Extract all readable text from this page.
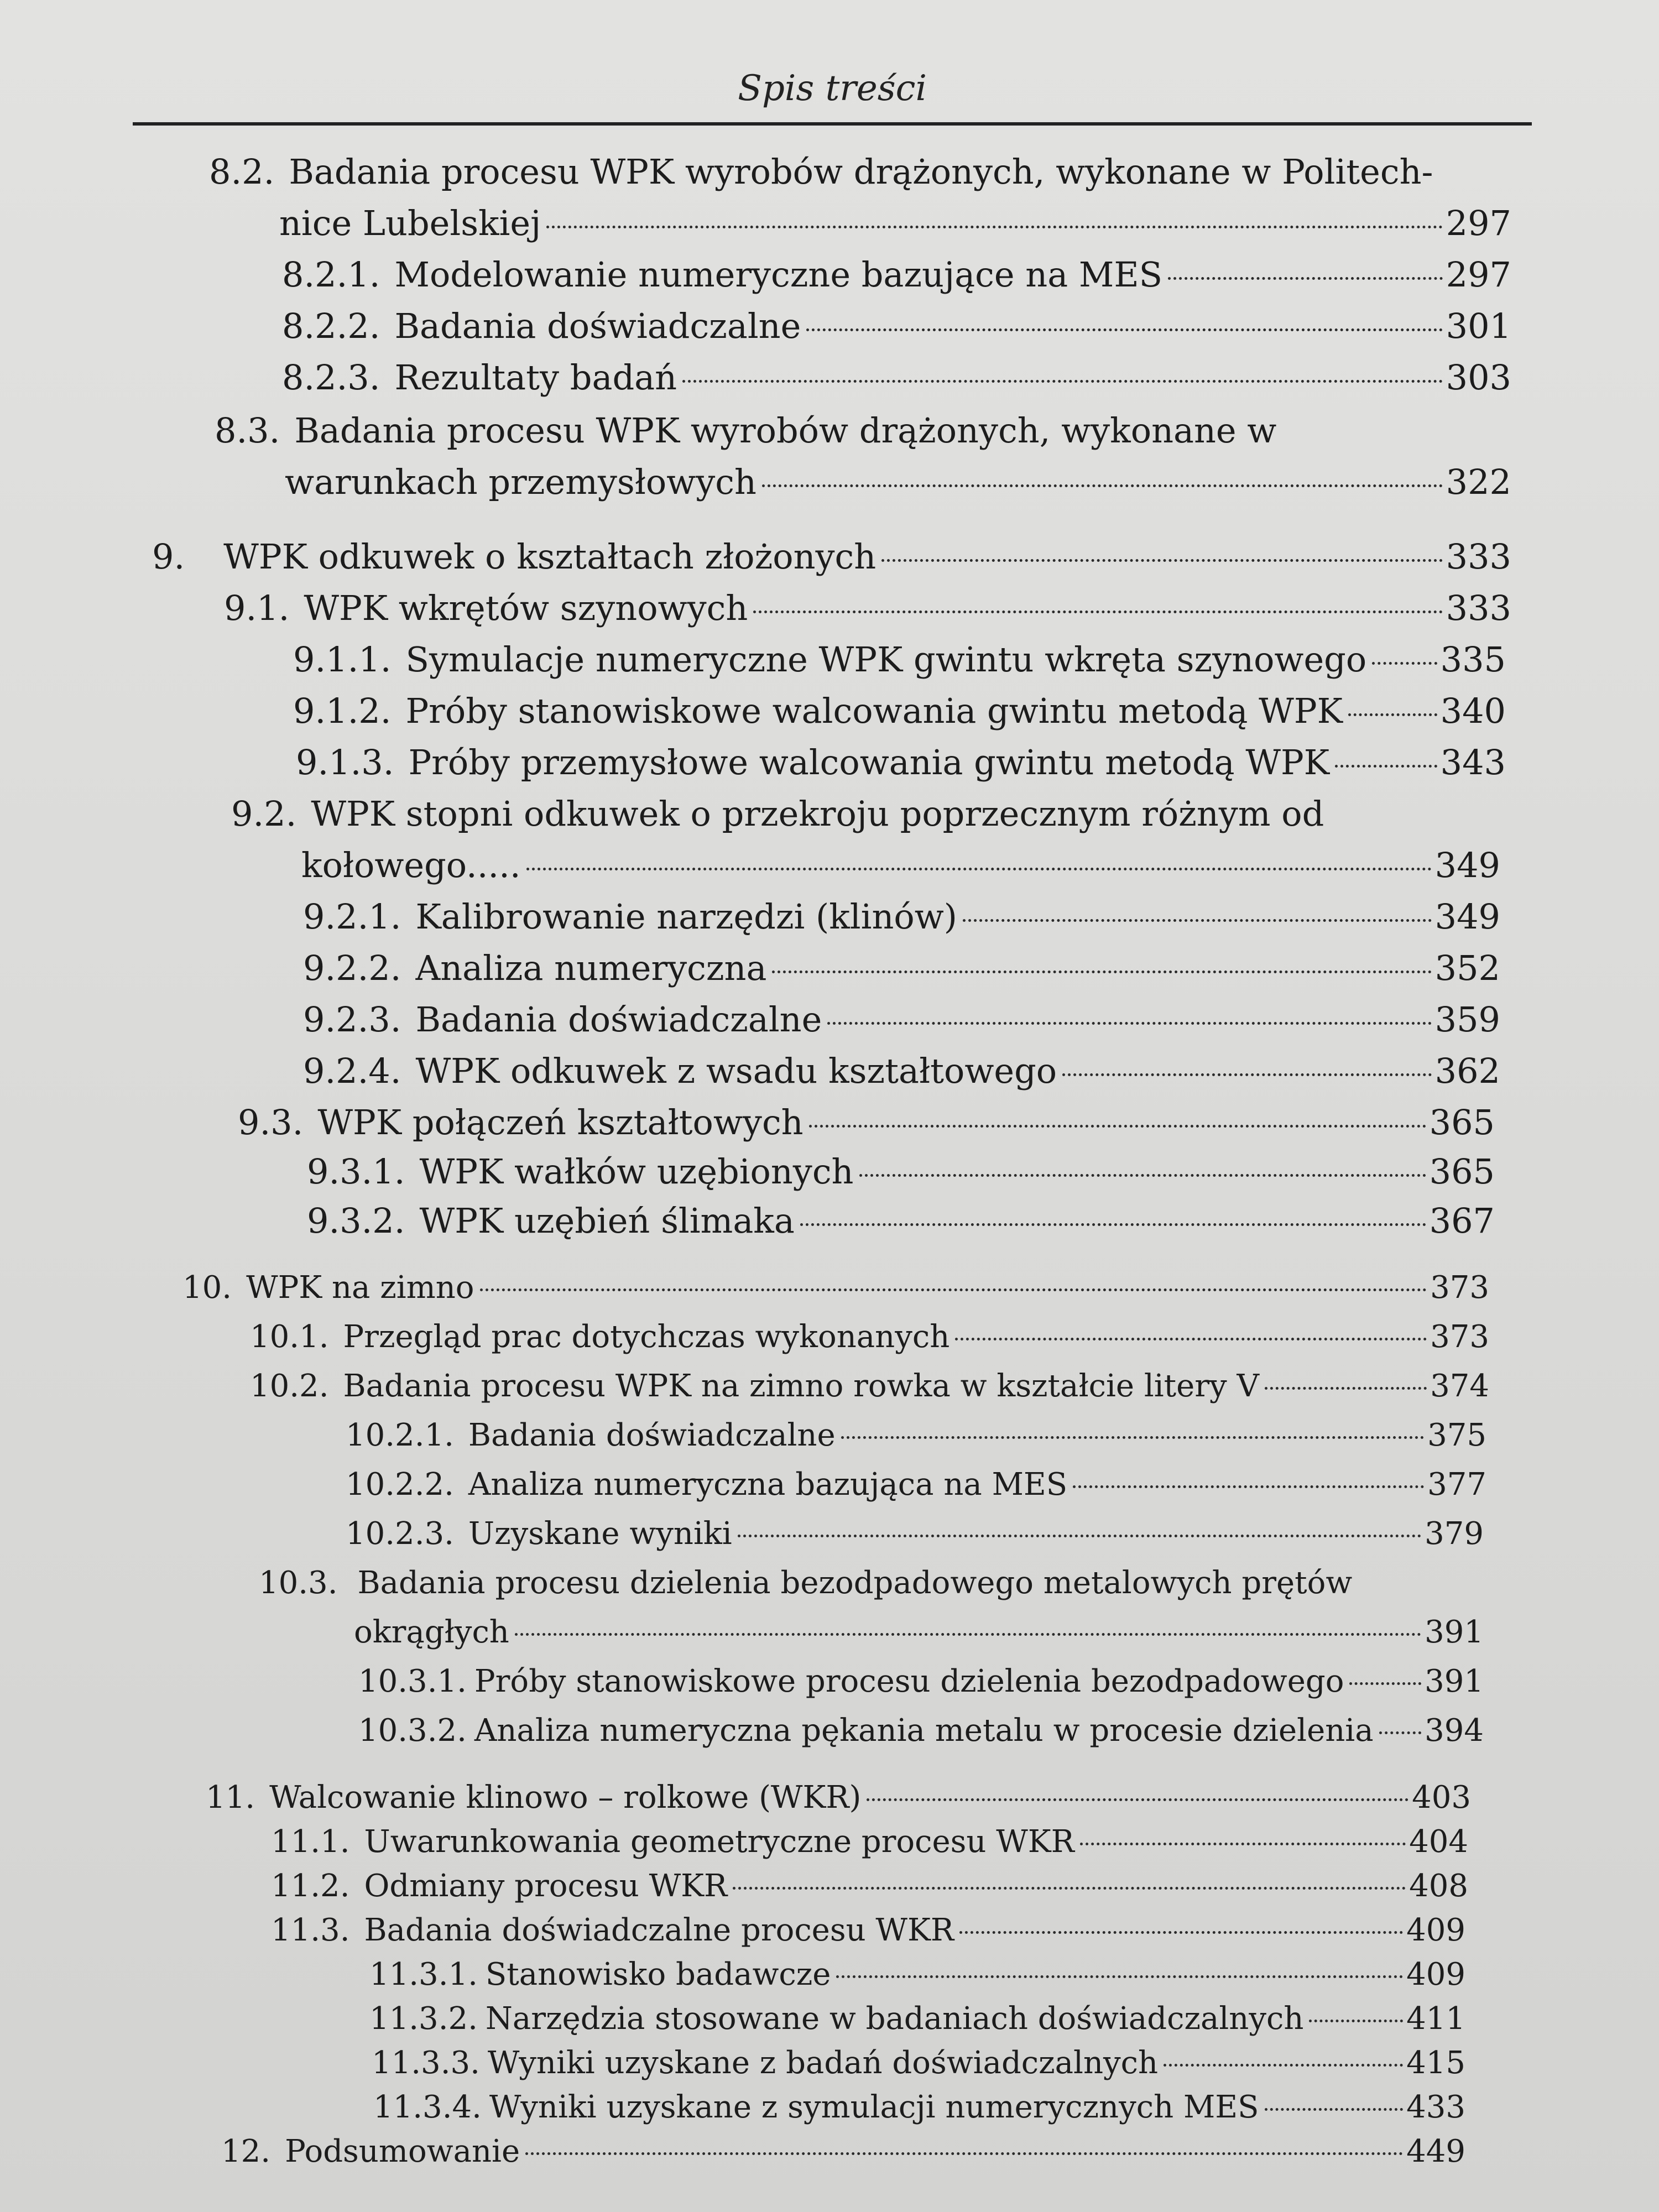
Spis treści
8.2. Badania procesu WPK wyrobów drążonych, wykonane w Politech-
nice Lubelskiej	297
8.2.1. Modelowanie numeryczne bazujące na MES	297
8.2.2. Badania doświadczalne	301
8.2.3. Rezultaty badań	303
8.3. Badania procesu WPK wyrobów drążonych, wykonane w
warunkach przemysłowych	322
9. WPK odkuwek o kształtach złożonych	333
9.1. WPK wkrętów szynowych	333
9.1.1. Symulacje numeryczne WPK gwintu wkręta szynowego 335
9.1.2. Próby stanowiskowe walcowania gwintu metodą WPK	340
9.1.3. Próby przemysłowe walcowania gwintu metodą WPK	343
9.2. WPK stopni odkuwek o przekroju poprzecznym różnym od
kołowego.....	349
9.2.1. Kalibrowanie narzędzi (klinów)	349
9.2.2. Analiza numeryczna	352
9.2.3. Badania doświadczalne	359
9.2.4. WPK odkuwek z wsadu kształtowego	362
9.3. WPK połączeń kształtowych	365
9.3.1. WPK wałków uzębionych	365
9.3.2. WPK uzębień ślimaka	367
10. WPK na zimno	373
10.1. Przegląd prac dotychczas wykonanych	373
10.2. Badania procesu WPK na zimno rowka w kształcie litery V	374
10.2.1. Badania doświadczalne	375
10.2.2. Analiza numeryczna bazująca na MES	377
10.2.3. Uzyskane wyniki	379
10.3. Badania procesu dzielenia bezodpadowego metalowych prętów
okrągłych	391
10.3.1. Próby stanowiskowe procesu dzielenia bezodpadowego	391
10.3.2. Analiza numeryczna pękania metalu w procesie dzielenia 394
11. Walcowanie klinowo – rolkowe (WKR)	403
11.1. Uwarunkowania geometryczne procesu WKR	404
11.2. Odmiany procesu WKR	408
11.3. Badania doświadczalne procesu WKR	409
11.3.1. Stanowisko badawcze	409
11.3.2. Narzędzia stosowane w badaniach doświadczalnych	411
11.3.3. Wyniki uzyskane z badań doświadczalnych	415
11.3.4. Wyniki uzyskane z symulacji numerycznych MES	433
12. Podsumowanie	449
